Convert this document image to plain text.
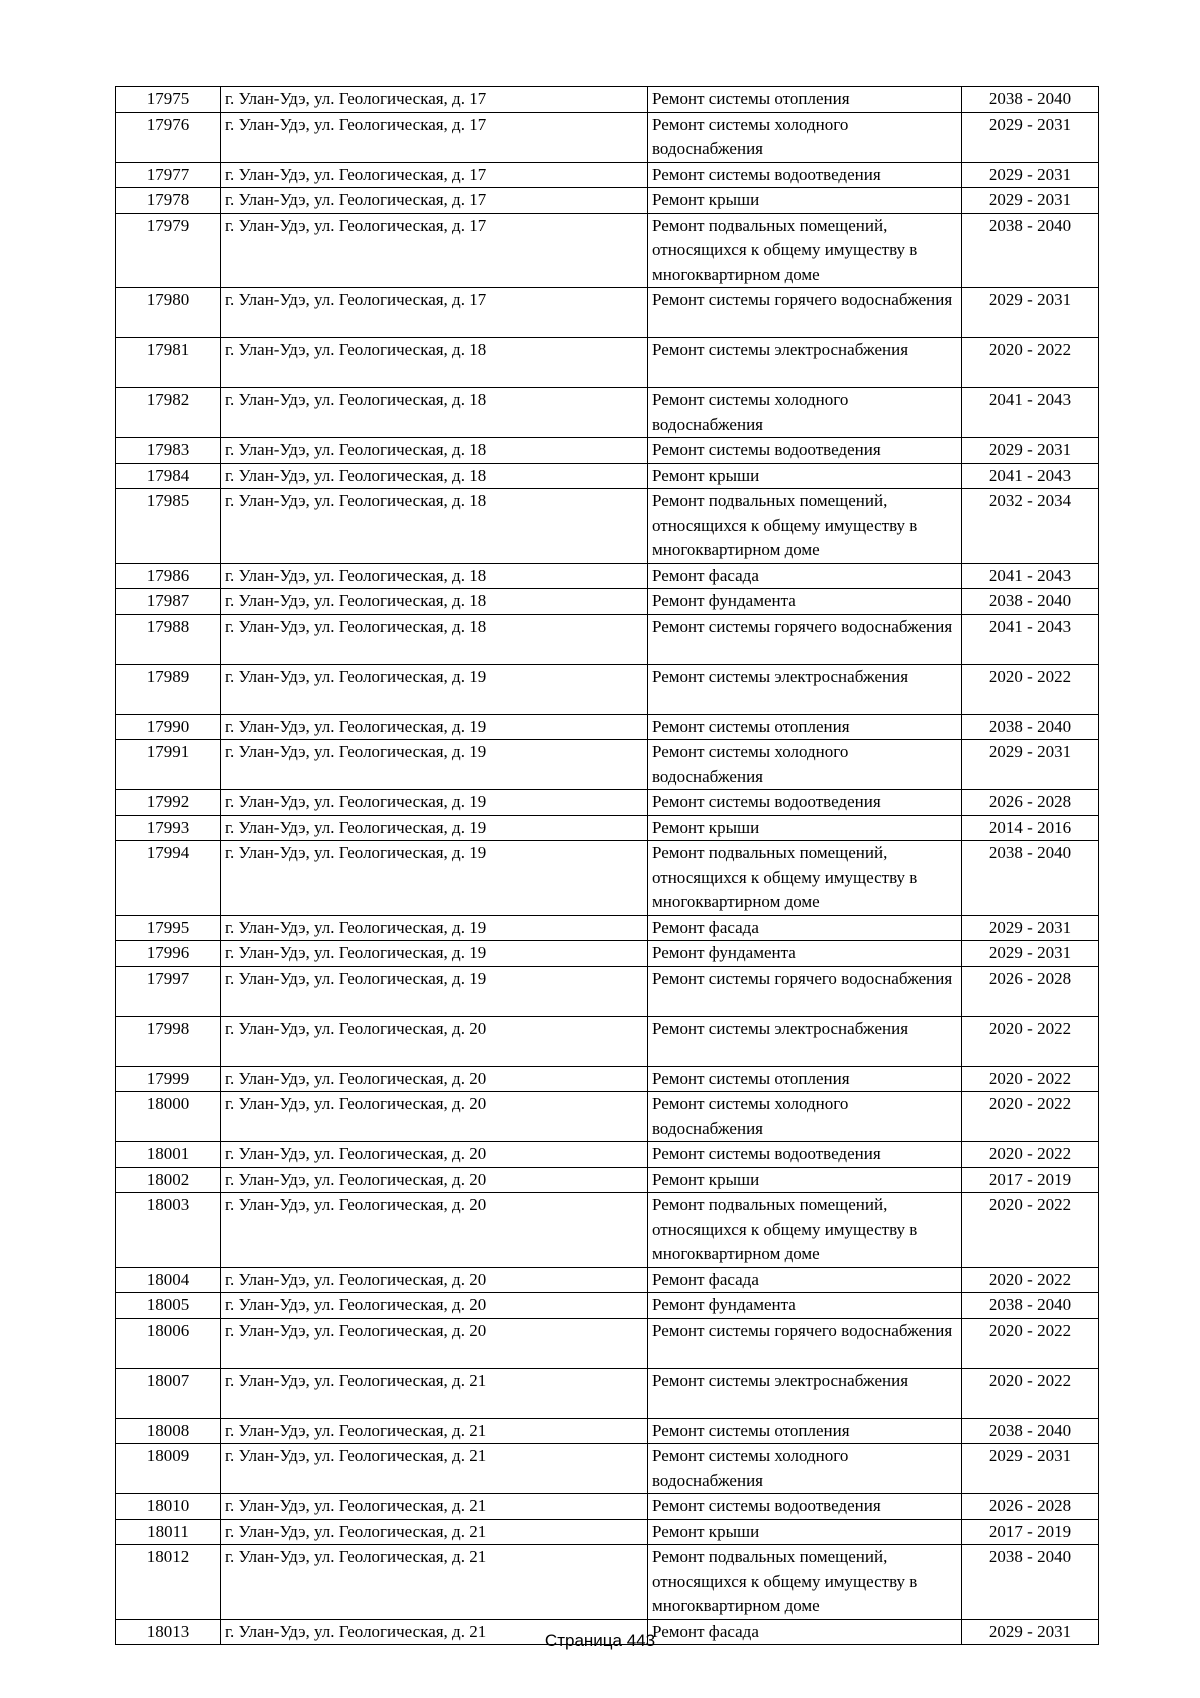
17975	г. Улан-Удэ, ул. Геологическая, д. 17	Ремонт системы отопления	2038 - 2040
17976	г. Улан-Удэ, ул. Геологическая, д. 17	Ремонт системы холодного водоснабжения	2029 - 2031
17977	г. Улан-Удэ, ул. Геологическая, д. 17	Ремонт системы водоотведения	2029 - 2031
17978	г. Улан-Удэ, ул. Геологическая, д. 17	Ремонт крыши	2029 - 2031
17979	г. Улан-Удэ, ул. Геологическая, д. 17	Ремонт подвальных помещений, относящихся к общему имуществу в многоквартирном доме	2038 - 2040
17980	г. Улан-Удэ, ул. Геологическая, д. 17	Ремонт системы горячего водоснабжения	2029 - 2031
17981	г. Улан-Удэ, ул. Геологическая, д. 18	Ремонт системы электроснабжения	2020 - 2022
17982	г. Улан-Удэ, ул. Геологическая, д. 18	Ремонт системы холодного водоснабжения	2041 - 2043
17983	г. Улан-Удэ, ул. Геологическая, д. 18	Ремонт системы водоотведения	2029 - 2031
17984	г. Улан-Удэ, ул. Геологическая, д. 18	Ремонт крыши	2041 - 2043
17985	г. Улан-Удэ, ул. Геологическая, д. 18	Ремонт подвальных помещений, относящихся к общему имуществу в многоквартирном доме	2032 - 2034
17986	г. Улан-Удэ, ул. Геологическая, д. 18	Ремонт фасада	2041 - 2043
17987	г. Улан-Удэ, ул. Геологическая, д. 18	Ремонт фундамента	2038 - 2040
17988	г. Улан-Удэ, ул. Геологическая, д. 18	Ремонт системы горячего водоснабжения	2041 - 2043
17989	г. Улан-Удэ, ул. Геологическая, д. 19	Ремонт системы электроснабжения	2020 - 2022
17990	г. Улан-Удэ, ул. Геологическая, д. 19	Ремонт системы отопления	2038 - 2040
17991	г. Улан-Удэ, ул. Геологическая, д. 19	Ремонт системы холодного водоснабжения	2029 - 2031
17992	г. Улан-Удэ, ул. Геологическая, д. 19	Ремонт системы водоотведения	2026 - 2028
17993	г. Улан-Удэ, ул. Геологическая, д. 19	Ремонт крыши	2014 - 2016
17994	г. Улан-Удэ, ул. Геологическая, д. 19	Ремонт подвальных помещений, относящихся к общему имуществу в многоквартирном доме	2038 - 2040
17995	г. Улан-Удэ, ул. Геологическая, д. 19	Ремонт фасада	2029 - 2031
17996	г. Улан-Удэ, ул. Геологическая, д. 19	Ремонт фундамента	2029 - 2031
17997	г. Улан-Удэ, ул. Геологическая, д. 19	Ремонт системы горячего водоснабжения	2026 - 2028
17998	г. Улан-Удэ, ул. Геологическая, д. 20	Ремонт системы электроснабжения	2020 - 2022
17999	г. Улан-Удэ, ул. Геологическая, д. 20	Ремонт системы отопления	2020 - 2022
18000	г. Улан-Удэ, ул. Геологическая, д. 20	Ремонт системы холодного водоснабжения	2020 - 2022
18001	г. Улан-Удэ, ул. Геологическая, д. 20	Ремонт системы водоотведения	2020 - 2022
18002	г. Улан-Удэ, ул. Геологическая, д. 20	Ремонт крыши	2017 - 2019
18003	г. Улан-Удэ, ул. Геологическая, д. 20	Ремонт подвальных помещений, относящихся к общему имуществу в многоквартирном доме	2020 - 2022
18004	г. Улан-Удэ, ул. Геологическая, д. 20	Ремонт фасада	2020 - 2022
18005	г. Улан-Удэ, ул. Геологическая, д. 20	Ремонт фундамента	2038 - 2040
18006	г. Улан-Удэ, ул. Геологическая, д. 20	Ремонт системы горячего водоснабжения	2020 - 2022
18007	г. Улан-Удэ, ул. Геологическая, д. 21	Ремонт системы электроснабжения	2020 - 2022
18008	г. Улан-Удэ, ул. Геологическая, д. 21	Ремонт системы отопления	2038 - 2040
18009	г. Улан-Удэ, ул. Геологическая, д. 21	Ремонт системы холодного водоснабжения	2029 - 2031
18010	г. Улан-Удэ, ул. Геологическая, д. 21	Ремонт системы водоотведения	2026 - 2028
18011	г. Улан-Удэ, ул. Геологическая, д. 21	Ремонт крыши	2017 - 2019
18012	г. Улан-Удэ, ул. Геологическая, д. 21	Ремонт подвальных помещений, относящихся к общему имуществу в многоквартирном доме	2038 - 2040
18013	г. Улан-Удэ, ул. Геологическая, д. 21	Ремонт фасада	2029 - 2031
Страница 443
